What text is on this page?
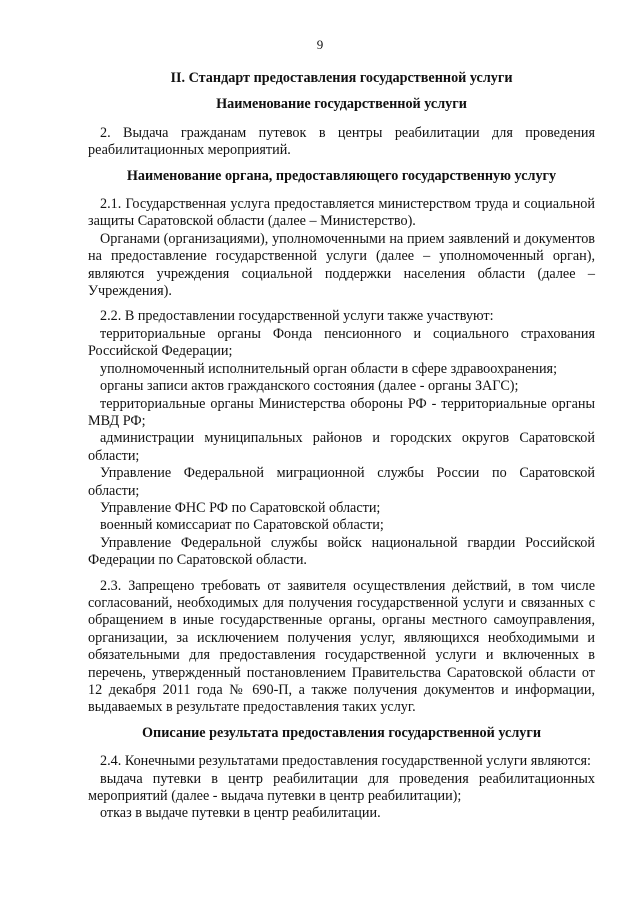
9
II. Стандарт предоставления государственной услуги
Наименование государственной услуги

2. Выдача гражданам путевок в центры реабилитации для проведения реабилитационных мероприятий.

Наименование органа, предоставляющего государственную услугу

2.1. Государственная услуга предоставляется министерством труда и социальной защиты Саратовской области (далее – Министерство).

Органами (организациями), уполномоченными на прием заявлений и документов на предоставление государственной услуги (далее – уполномоченный орган), являются учреждения социальной поддержки населения области (далее – Учреждения).

2.2. В предоставлении государственной услуги также участвуют:

территориальные органы Фонда пенсионного и социального страхования Российской Федерации;

уполномоченный исполнительный орган области в сфере здравоохранения;

органы записи актов гражданского состояния (далее - органы ЗАГС);

территориальные органы Министерства обороны РФ - территориальные органы МВД РФ;

администрации муниципальных районов и городских округов Саратовской области;

Управление Федеральной миграционной службы России по Саратовской области;

Управление ФНС РФ по Саратовской области;

военный комиссариат по Саратовской области;

Управление Федеральной службы войск национальной гвардии Российской Федерации по Саратовской области.

2.3. Запрещено требовать от заявителя осуществления действий, в том числе согласований, необходимых для получения государственной услуги и связанных с обращением в иные государственные органы, органы местного самоуправления, организации, за исключением получения услуг, являющихся необходимыми и обязательными для предоставления государственной услуги и включенных в перечень, утвержденный постановлением Правительства Саратовской области от 12 декабря 2011 года № 690-П, а также получения документов и информации, выдаваемых в результате предоставления таких услуг.

Описание результата предоставления государственной услуги

2.4. Конечными результатами предоставления государственной услуги являются:

выдача путевки в центр реабилитации для проведения реабилитационных мероприятий (далее - выдача путевки в центр реабилитации);

отказ в выдаче путевки в центр реабилитации.
